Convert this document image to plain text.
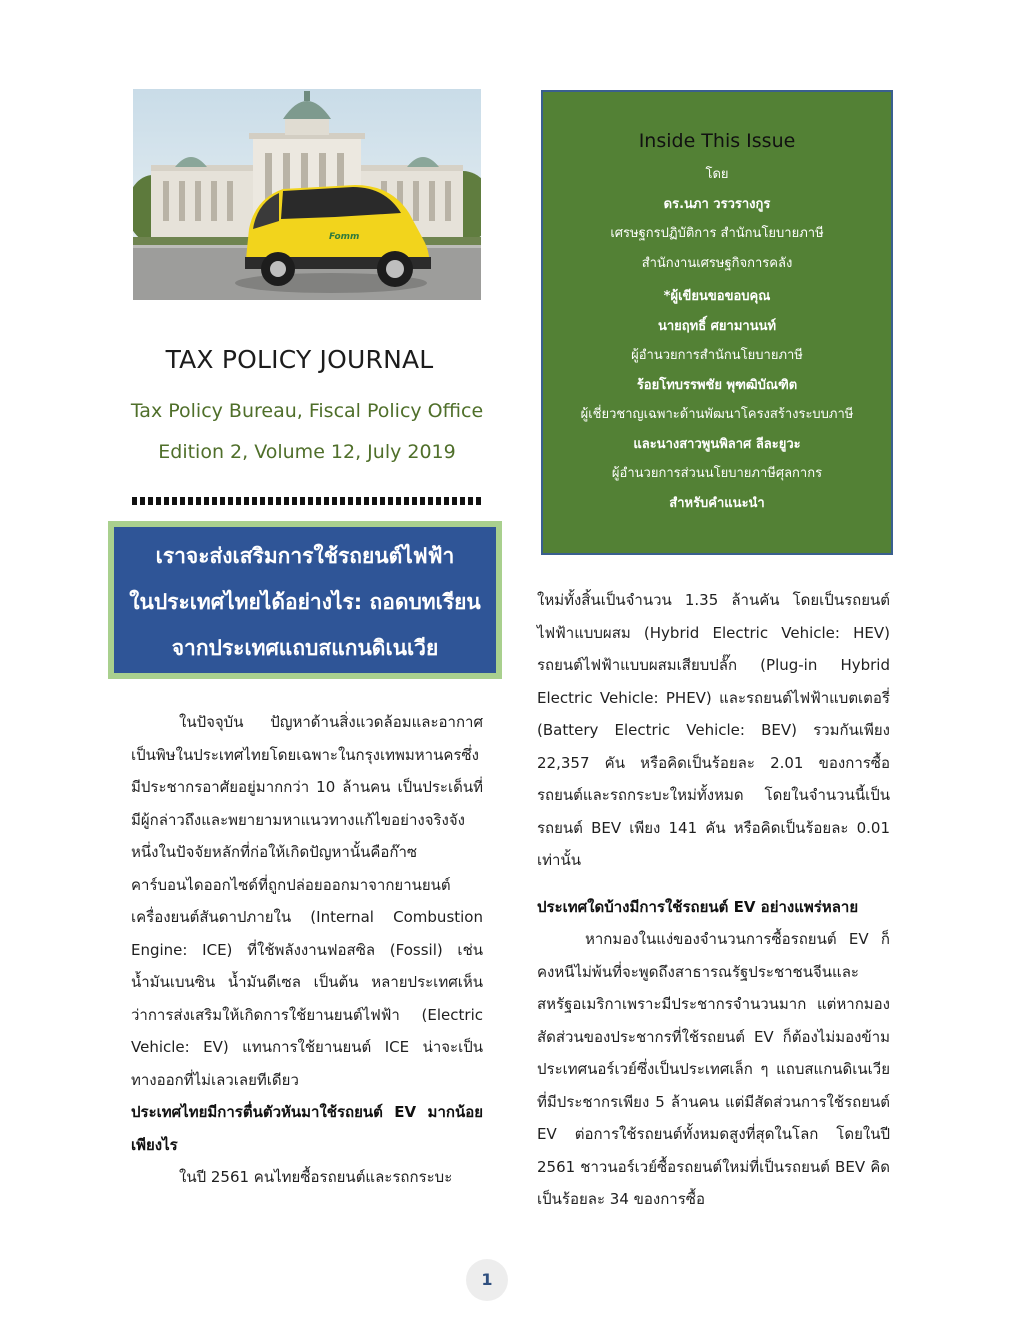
Fomm
TAX POLICY JOURNAL
Tax Policy Bureau, Fiscal Policy Office
Edition 2, Volume 12, July 2019
เราจะส่งเสริมการใช้รถยนต์ไฟฟ้า
ในประเทศไทยได้อย่างไร: ถอดบทเรียน
จากประเทศแถบสแกนดิเนเวีย

ในปัจจุบัน ปัญหาด้านสิ่งแวดล้อมและอากาศเป็นพิษในประเทศไทยโดยเฉพาะในกรุงเทพมหานครซึ่งมีประชากรอาศัยอยู่มากกว่า 10 ล้านคน เป็นประเด็นที่มีผู้กล่าวถึงและพยายามหาแนวทางแก้ไขอย่างจริงจัง หนึ่งในปัจจัยหลักที่ก่อให้เกิดปัญหานั้นคือก๊าซคาร์บอนไดออกไซด์ที่ถูกปล่อยออกมาจากยานยนต์เครื่องยนต์สันดาปภายใน (Internal Combustion Engine: ICE) ที่ใช้พลังงานฟอสซิล (Fossil) เช่น น้ำมันเบนซิน น้ำมันดีเซล เป็นต้น หลายประเทศเห็นว่าการส่งเสริมให้เกิดการใช้ยานยนต์ไฟฟ้า (Electric Vehicle: EV) แทนการใช้ยานยนต์ ICE น่าจะเป็นทางออกที่ไม่เลวเลยทีเดียว

ประเทศไทยมีการตื่นตัวหันมาใช้รถยนต์ EV มากน้อยเพียงไร

ในปี 2561 คนไทยซื้อรถยนต์และรถกระบะ

Inside This Issue
โดย
ดร.นภา วรวรางกูร
เศรษฐกรปฏิบัติการ สำนักนโยบายภาษี
สำนักงานเศรษฐกิจการคลัง
*ผู้เขียนขอขอบคุณ
นายฤทธิ์ ศยามานนท์
ผู้อำนวยการสำนักนโยบายภาษี
ร้อยโทบรรพชัย พุฑฒิบัณฑิต
ผู้เชี่ยวชาญเฉพาะด้านพัฒนาโครงสร้างระบบภาษี
และนางสาวพูนพิลาศ ลีละยูวะ
ผู้อำนวยการส่วนนโยบายภาษีศุลกากร
สำหรับคำแนะนำ

ใหม่ทั้งสิ้นเป็นจำนวน 1.35 ล้านคัน โดยเป็นรถยนต์ไฟฟ้าแบบผสม (Hybrid Electric Vehicle: HEV) รถยนต์ไฟฟ้าแบบผสมเสียบปลั๊ก (Plug-in Hybrid Electric Vehicle: PHEV) และรถยนต์ไฟฟ้าแบตเตอรี่ (Battery Electric Vehicle: BEV) รวมกันเพียง 22,357 คัน หรือคิดเป็นร้อยละ 2.01 ของการซื้อรถยนต์และรถกระบะใหม่ทั้งหมด โดยในจำนวนนี้เป็นรถยนต์ BEV เพียง 141 คัน หรือคิดเป็นร้อยละ 0.01 เท่านั้น

ประเทศใดบ้างมีการใช้รถยนต์ EV อย่างแพร่หลาย

หากมองในแง่ของจำนวนการซื้อรถยนต์ EV ก็คงหนีไม่พ้นที่จะพูดถึงสาธารณรัฐประชาชนจีนและสหรัฐอเมริกาเพราะมีประชากรจำนวนมาก แต่หากมองสัดส่วนของประชากรที่ใช้รถยนต์ EV ก็ต้องไม่มองข้ามประเทศนอร์เวย์ซึ่งเป็นประเทศเล็ก ๆ แถบสแกนดิเนเวีย ที่มีประชากรเพียง 5 ล้านคน แต่มีสัดส่วนการใช้รถยนต์ EV ต่อการใช้รถยนต์ทั้งหมดสูงที่สุดในโลก โดยในปี 2561 ชาวนอร์เวย์ซื้อรถยนต์ใหม่ที่เป็นรถยนต์ BEV คิดเป็นร้อยละ 34 ของการซื้อ

1
